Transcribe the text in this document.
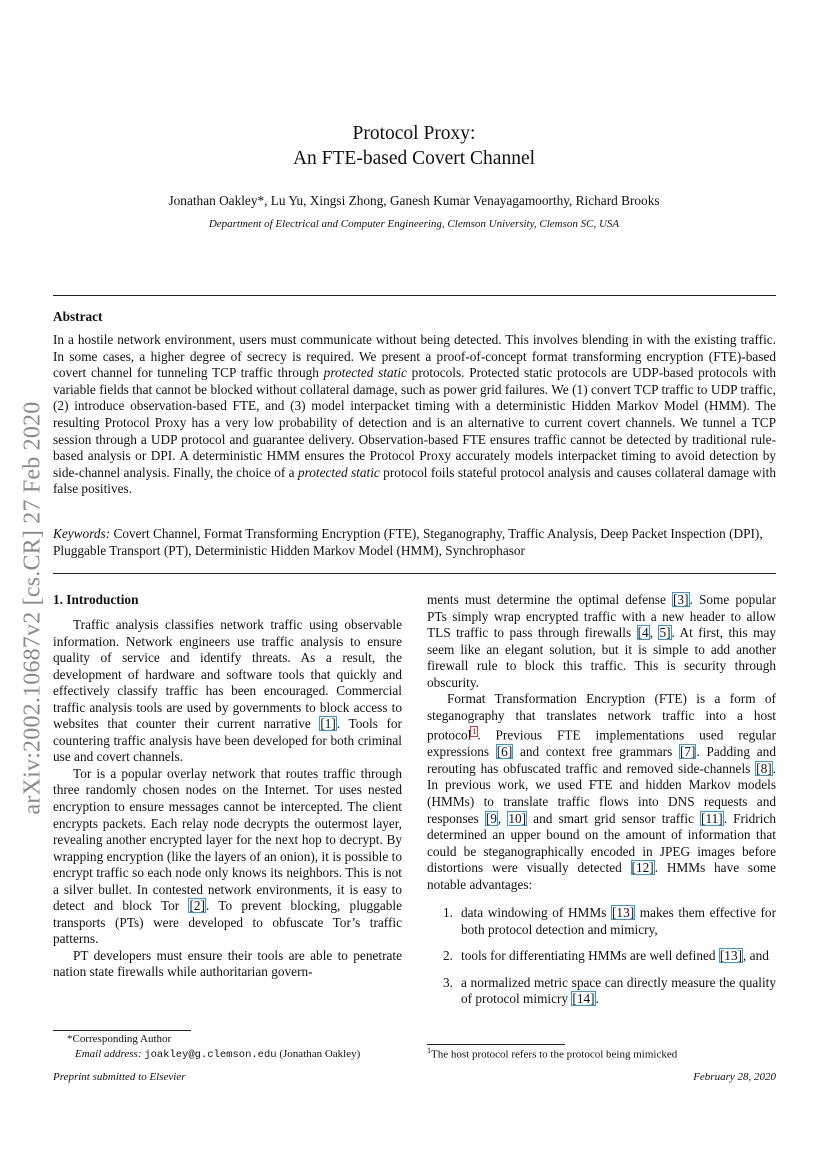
arXiv:2002.10687v2 [cs.CR] 27 Feb 2020
Protocol Proxy:
An FTE-based Covert Channel
Jonathan Oakley*, Lu Yu, Xingsi Zhong, Ganesh Kumar Venayagamoorthy, Richard Brooks
Department of Electrical and Computer Engineering, Clemson University, Clemson SC, USA
Abstract
In a hostile network environment, users must communicate without being detected. This involves blending in with the existing traffic. In some cases, a higher degree of secrecy is required. We present a proof-of-concept format transforming encryption (FTE)-based covert channel for tunneling TCP traffic through protected static protocols. Protected static protocols are UDP-based protocols with variable fields that cannot be blocked without collateral damage, such as power grid failures. We (1) convert TCP traffic to UDP traffic, (2) introduce observation-based FTE, and (3) model interpacket timing with a deterministic Hidden Markov Model (HMM). The resulting Protocol Proxy has a very low probability of detection and is an alternative to current covert channels. We tunnel a TCP session through a UDP protocol and guarantee delivery. Observation-based FTE ensures traffic cannot be detected by traditional rule-based analysis or DPI. A deterministic HMM ensures the Protocol Proxy accurately models interpacket timing to avoid detection by side-channel analysis. Finally, the choice of a protected static protocol foils stateful protocol analysis and causes collateral damage with false positives.
Keywords: Covert Channel, Format Transforming Encryption (FTE), Steganography, Traffic Analysis, Deep Packet Inspection (DPI), Pluggable Transport (PT), Deterministic Hidden Markov Model (HMM), Synchrophasor
1. Introduction

Traffic analysis classifies network traffic using observable information. Network engineers use traffic analysis to ensure quality of service and identify threats. As a result, the development of hardware and software tools that quickly and effectively classify traffic has been encouraged. Commercial traffic analysis tools are used by governments to block access to websites that counter their current narrative [1]. Tools for countering traffic analysis have been developed for both criminal use and covert channels.

Tor is a popular overlay network that routes traffic through three randomly chosen nodes on the Internet. Tor uses nested encryption to ensure messages cannot be intercepted. The client encrypts packets. Each relay node decrypts the outermost layer, revealing another encrypted layer for the next hop to decrypt. By wrapping encryption (like the layers of an onion), it is possible to encrypt traffic so each node only knows its neighbors. This is not a silver bullet. In contested network environments, it is easy to detect and block Tor [2]. To prevent blocking, pluggable transports (PTs) were developed to obfuscate Tor’s traffic patterns.

PT developers must ensure their tools are able to penetrate nation state firewalls while authoritarian govern-

ments must determine the optimal defense [3]. Some popular PTs simply wrap encrypted traffic with a new header to allow TLS traffic to pass through firewalls [4, 5]. At first, this may seem like an elegant solution, but it is simple to add another firewall rule to block this traffic. This is security through obscurity.

Format Transformation Encryption (FTE) is a form of steganography that translates network traffic into a host protocol$^1$. Previous FTE implementations used regular expressions [6] and context free grammars [7]. Padding and rerouting has obfuscated traffic and removed side-channels [8]. In previous work, we used FTE and hidden Markov models (HMMs) to translate traffic flows into DNS requests and responses [9, 10] and smart grid sensor traffic [11]. Fridrich determined an upper bound on the amount of information that could be steganographically encoded in JPEG images before distortions were visually detected [12]. HMMs have some notable advantages:

1. data windowing of HMMs [13] makes them effective for both protocol detection and mimicry,
2. tools for differentiating HMMs are well defined [13], and
3. a normalized metric space can directly measure the quality of protocol mimicry [14].
*Corresponding Author
Email address: joakley@g.clemson.edu (Jonathan Oakley)	$^1$The host protocol refers to the protocol being mimicked
Preprint submitted to Elsevier	February 28, 2020
